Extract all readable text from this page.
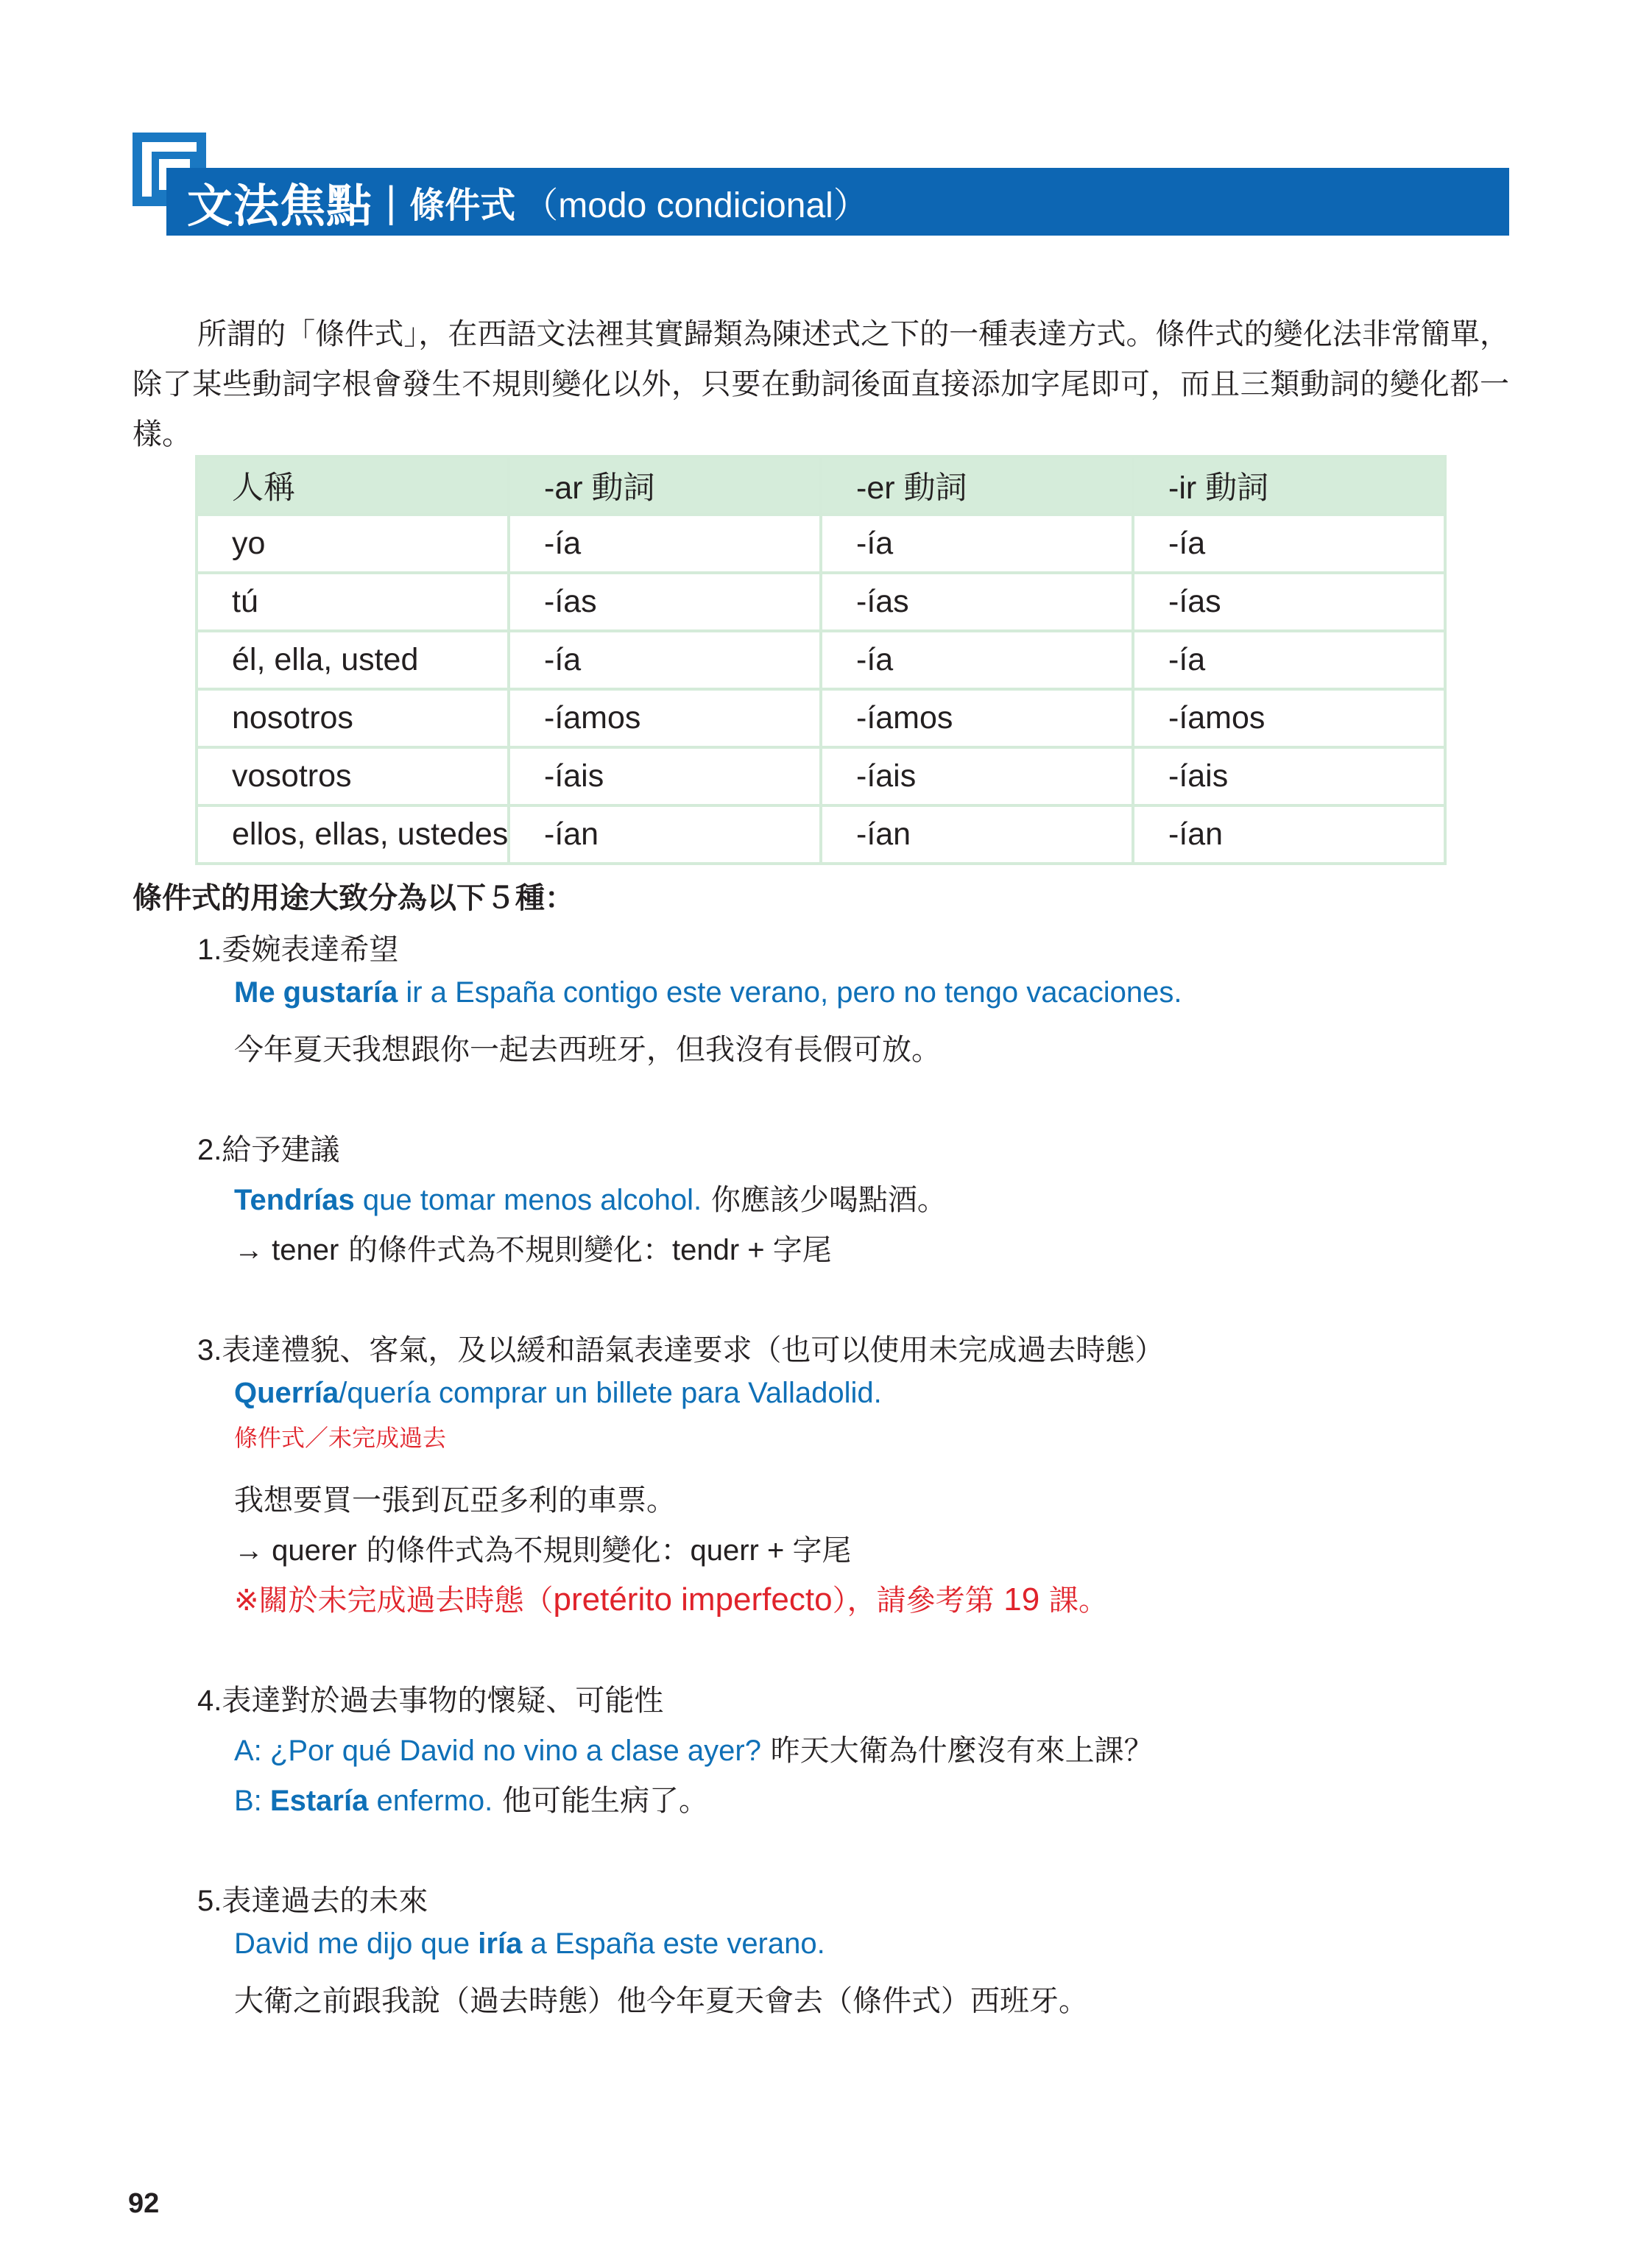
文法焦點 | 條件式 （modo condicional）

所謂的「條件式」，在西語文法裡其實歸類為陳述式之下的一種表達方式。條件式的變化法非常簡單，除了某些動詞字根會發生不規則變化以外，只要在動詞後面直接添加字尾即可，而且三類動詞的變化都一樣。

人稱	-ar 動詞	-er 動詞	-ir 動詞
yo	-ía	-ía	-ía
tú	-ías	-ías	-ías
él, ella, usted	-ía	-ía	-ía
nosotros	-íamos	-íamos	-íamos
vosotros	-íais	-íais	-íais
ellos, ellas, ustedes	-ían	-ían	-ían
條件式的用途大致分為以下５種：
1.委婉表達希望
Me gustaría ir a España contigo este verano, pero no tengo vacaciones.
今年夏天我想跟你一起去西班牙，但我沒有長假可放。
2.給予建議
Tendrías que tomar menos alcohol. 你應該少喝點酒。
→ tener 的條件式為不規則變化：tendr + 字尾
3.表達禮貌、客氣，及以緩和語氣表達要求（也可以使用未完成過去時態）
Querría/quería comprar un billete para Valladolid.
條件式／未完成過去
我想要買一張到瓦亞多利的車票。
→ querer 的條件式為不規則變化：querr + 字尾
※關於未完成過去時態（pretérito imperfecto），請參考第 19 課。
4.表達對於過去事物的懷疑、可能性
A: ¿Por qué David no vino a clase ayer? 昨天大衛為什麼沒有來上課？
B: Estaría enfermo. 他可能生病了。
5.表達過去的未來
David me dijo que iría a España este verano.
大衛之前跟我說（過去時態）他今年夏天會去（條件式）西班牙。
92
